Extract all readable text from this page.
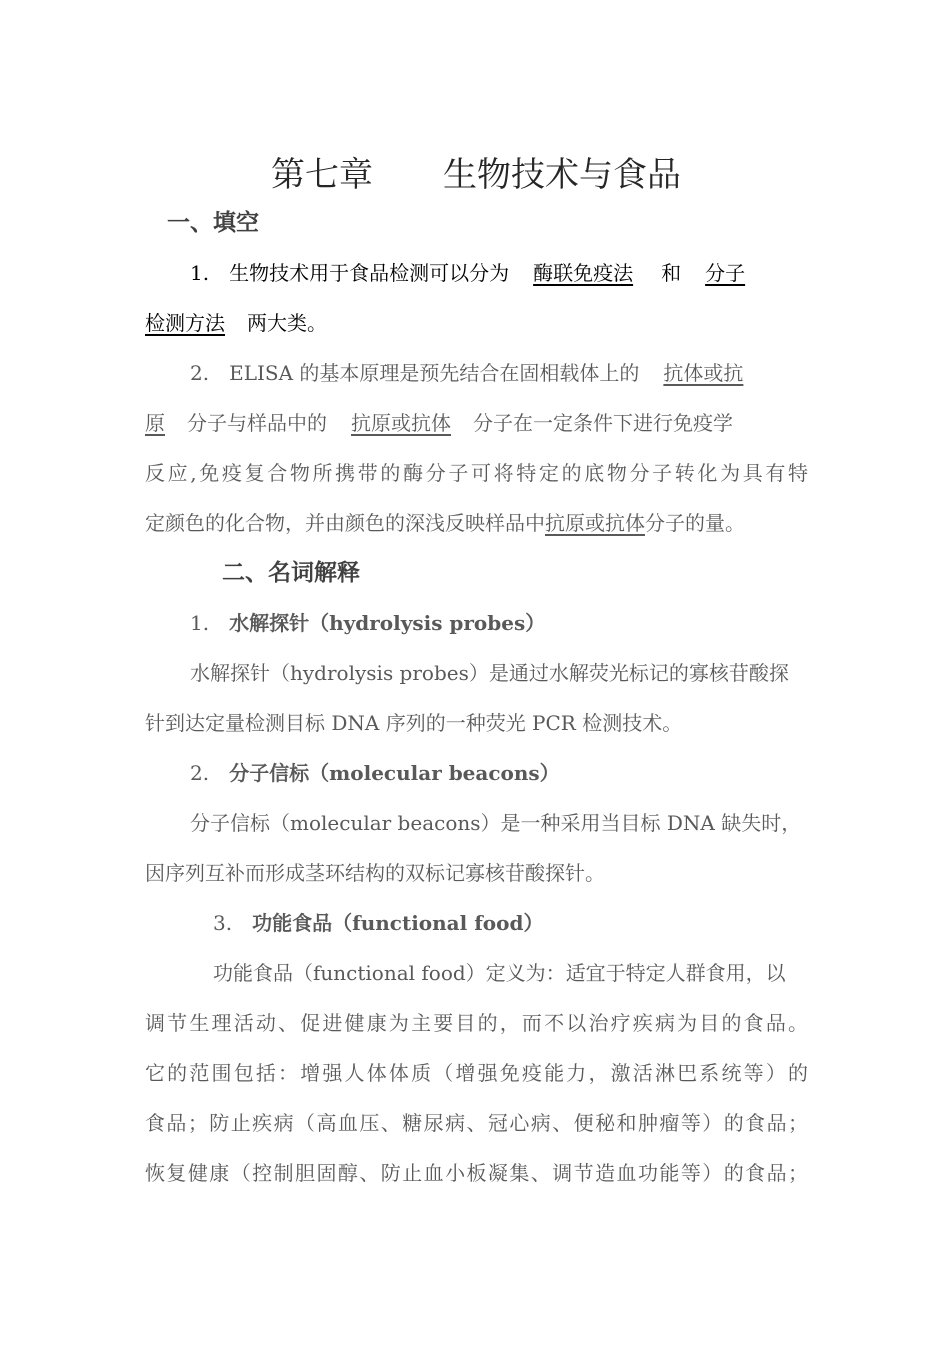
第七章 生物技术与食品
一、填空
1. 生物技术用于食品检测可以分为 酶联免疫法 和 分子
检测方法 两大类。
2. ELISA 的基本原理是预先结合在固相载体上的 抗体或抗
原 分子与样品中的 抗原或抗体 分子在一定条件下进行免疫学
反应,免疫复合物所携带的酶分子可将特定的底物分子转化为具有特
定颜色的化合物，并由颜色的深浅反映样品中抗原或抗体分子的量。
二、名词解释
1. 水解探针（hydrolysis probes）
水解探针（hydrolysis probes）是通过水解荧光标记的寡核苷酸探
针到达定量检测目标 DNA 序列的一种荧光 PCR 检测技术。
2. 分子信标（molecular beacons）
分子信标（molecular beacons）是一种采用当目标 DNA 缺失时，
因序列互补而形成茎环结构的双标记寡核苷酸探针。
3. 功能食品（functional food）
功能食品（functional food）定义为：适宜于特定人群食用，以
调节生理活动、促进健康为主要目的，而不以治疗疾病为目的食品。
它的范围包括：增强人体体质（增强免疫能力，激活淋巴系统等）的
食品；防止疾病（高血压、糖尿病、冠心病、便秘和肿瘤等）的食品；
恢复健康（控制胆固醇、防止血小板凝集、调节造血功能等）的食品；
